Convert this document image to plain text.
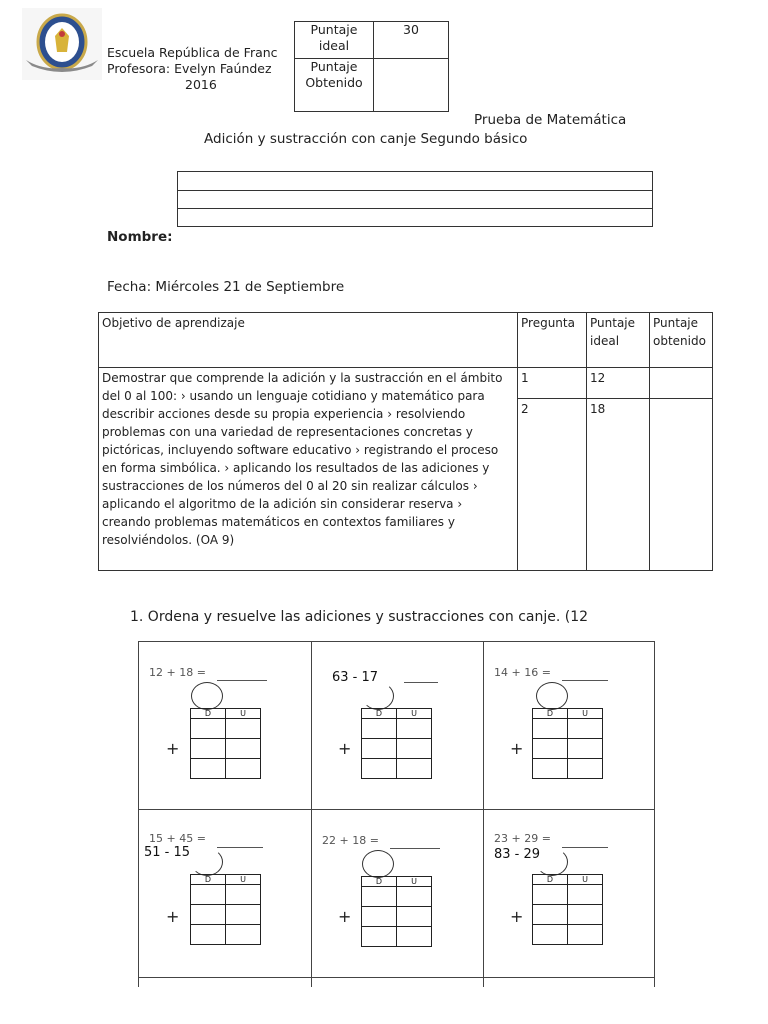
Escuela República de Franc
Profesora: Evelyn Faúndez
2016
Puntaje ideal	30
Puntaje Obtenido	
Prueba de Matemática
Adición y sustracción con canje Segundo básico
Nombre:
Fecha: Miércoles 21 de Septiembre
Objetivo de aprendizaje	Pregunta	Puntaje ideal	Puntaje obtenido
Demostrar que comprende la adición y la sustracción en el ámbito del 0 al 100: › usando un lenguaje cotidiano y matemático para describir acciones desde su propia experiencia › resolviendo problemas con una variedad de representaciones concretas y pictóricas, incluyendo software educativo › registrando el proceso en forma simbólica. › aplicando los resultados de las adiciones y sustracciones de los números del 0 al 20 sin realizar cálculos › aplicando el algoritmo de la adición sin considerar reserva › creando problemas matemáticos en contextos familiares y resolviéndolos. (OA 9)	1	12	
	2	18	
1. Ordena y resuelve las adiciones y sustracciones con canje. (12
12 + 18 =
D	U

+
63 - 17
D	U

+
14 + 16 =
D	U

+
15 + 45 =
51 - 15
D	U

+
22 + 18 =
D	U

+
23 + 29 =
83 - 29
D	U

+
